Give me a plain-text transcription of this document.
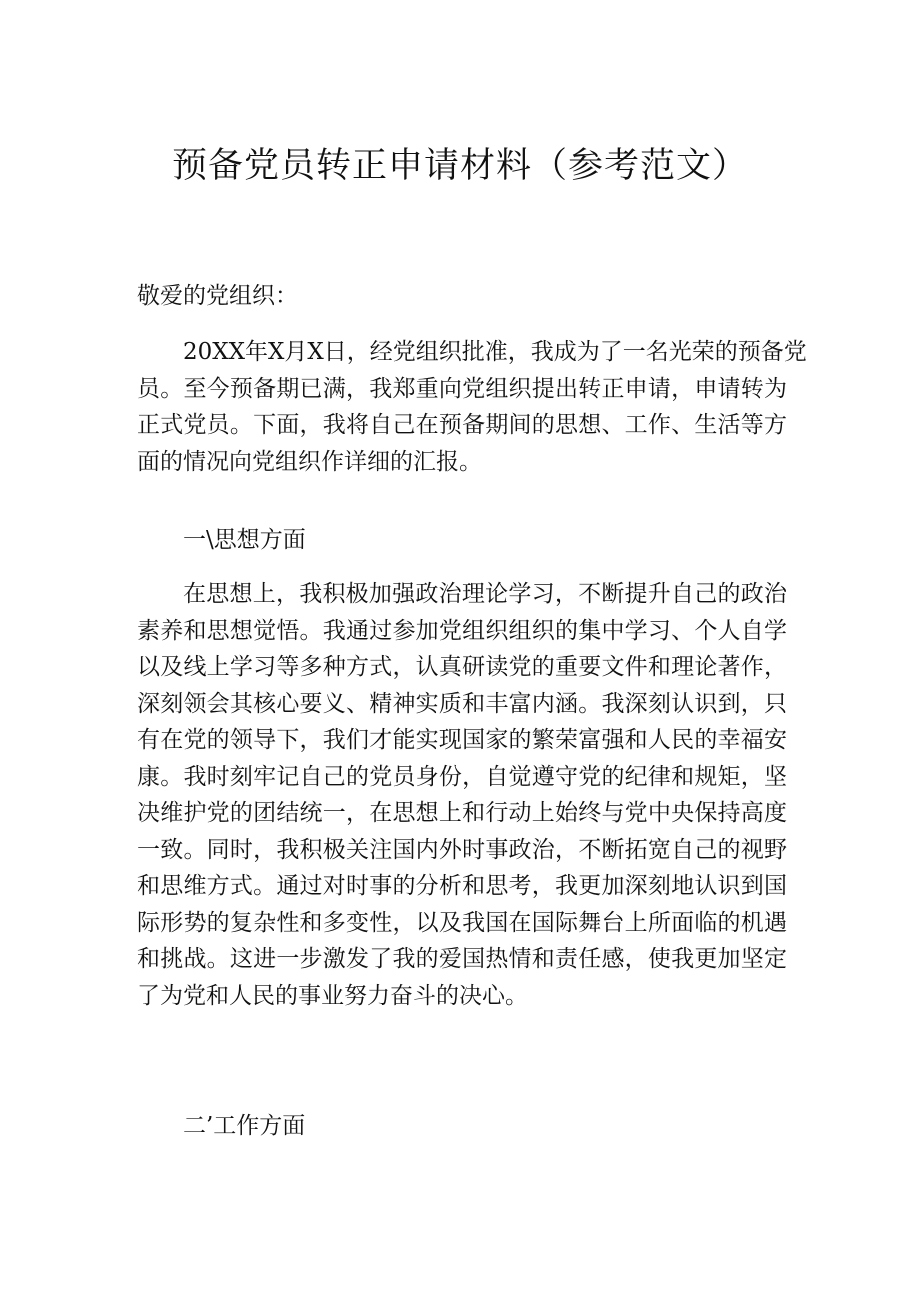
预备党员转正申请材料（参考范文）

敬爱的党组织：

20XX年X月X日，经党组织批准，我成为了一名光荣的预备党
员。至今预备期已满，我郑重向党组织提出转正申请，申请转为
正式党员。下面，我将自己在预备期间的思想、工作、生活等方
面的情况向党组织作详细的汇报。

一\思想方面

在思想上，我积极加强政治理论学习，不断提升自己的政治
素养和思想觉悟。我通过参加党组织组织的集中学习、个人自学
以及线上学习等多种方式，认真研读党的重要文件和理论著作，
深刻领会其核心要义、精神实质和丰富内涵。我深刻认识到，只
有在党的领导下，我们才能实现国家的繁荣富强和人民的幸福安
康。我时刻牢记自己的党员身份，自觉遵守党的纪律和规矩，坚
决维护党的团结统一，在思想上和行动上始终与党中央保持高度
一致。同时，我积极关注国内外时事政治，不断拓宽自己的视野
和思维方式。通过对时事的分析和思考，我更加深刻地认识到国
际形势的复杂性和多变性，以及我国在国际舞台上所面临的机遇
和挑战。这进一步激发了我的爱国热情和责任感，使我更加坚定
了为党和人民的事业努力奋斗的决心。

二’工作方面
